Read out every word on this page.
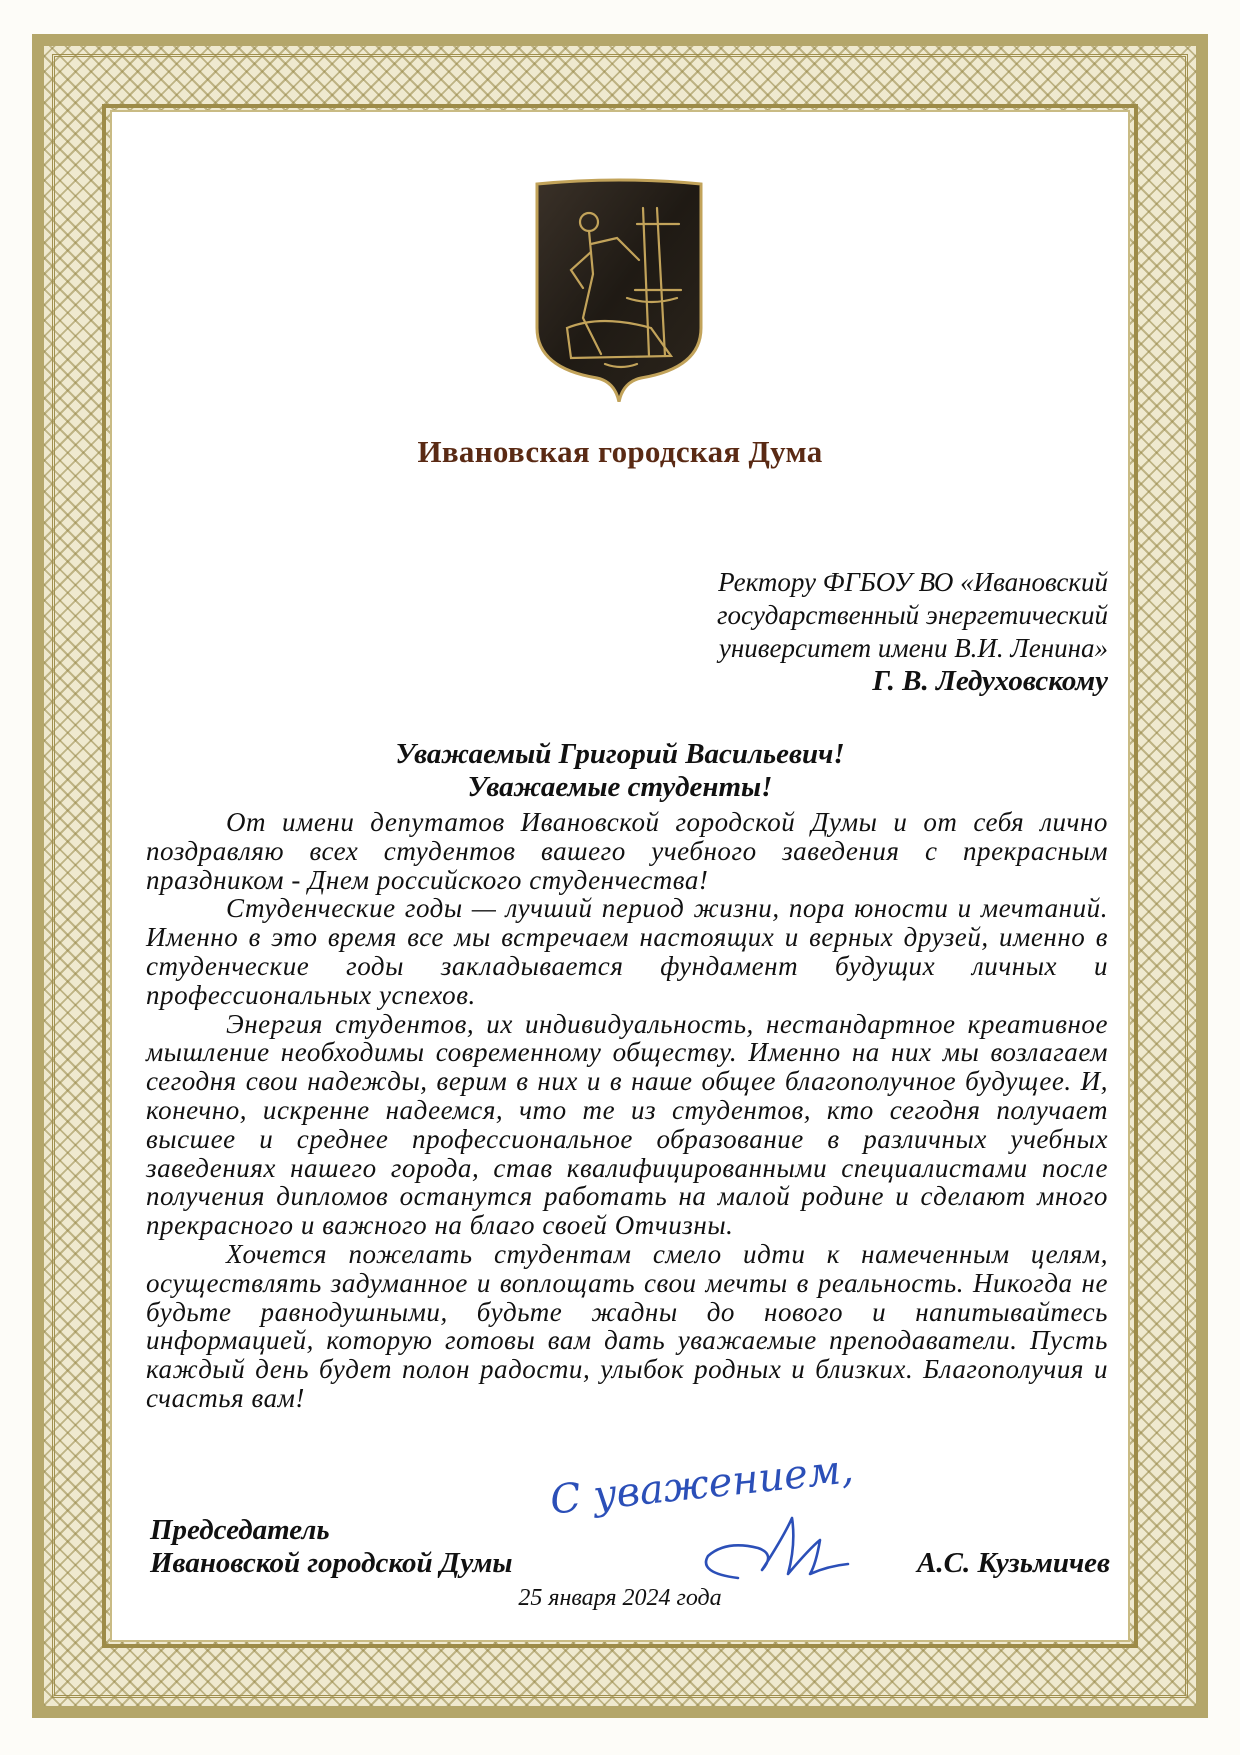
Ивановская городская Дума
Ректору ФГБОУ ВО «Ивановский
государственный энергетический
университет имени В.И. Ленина»
Г. В. Ледуховскому
Уважаемый Григорий Васильевич!
Уважаемые студенты!

От имени депутатов Ивановской городской Думы и от себя лично поздравляю всех студентов вашего учебного заведения с прекрасным праздником - Днем российского студенчества!

Студенческие годы — лучший период жизни, пора юности и мечтаний. Именно в это время все мы встречаем настоящих и верных друзей, именно в студенческие годы закладывается фундамент будущих личных и профессиональных успехов.

Энергия студентов, их индивидуальность, нестандартное креативное мышление необходимы современному обществу. Именно на них мы возлагаем сегодня свои надежды, верим в них и в наше общее благополучное будущее. И, конечно, искренне надеемся, что те из студентов, кто сегодня получает высшее и среднее профессиональное образование в различных учебных заведениях нашего города, став квалифицированными специалистами после получения дипломов останутся работать на малой родине и сделают много прекрасного и важного на благо своей Отчизны.

Хочется пожелать студентам смело идти к намеченным целям, осуществлять задуманное и воплощать свои мечты в реальность. Никогда не будьте равнодушными, будьте жадны до нового и напитывайтесь информацией, которую готовы вам дать уважаемые преподаватели. Пусть каждый день будет полон радости, улыбок родных и близких. Благополучия и счастья вам!

С уважением,
Председатель
Ивановской городской Думы	А.С. Кузьмичев
25 января 2024 года
